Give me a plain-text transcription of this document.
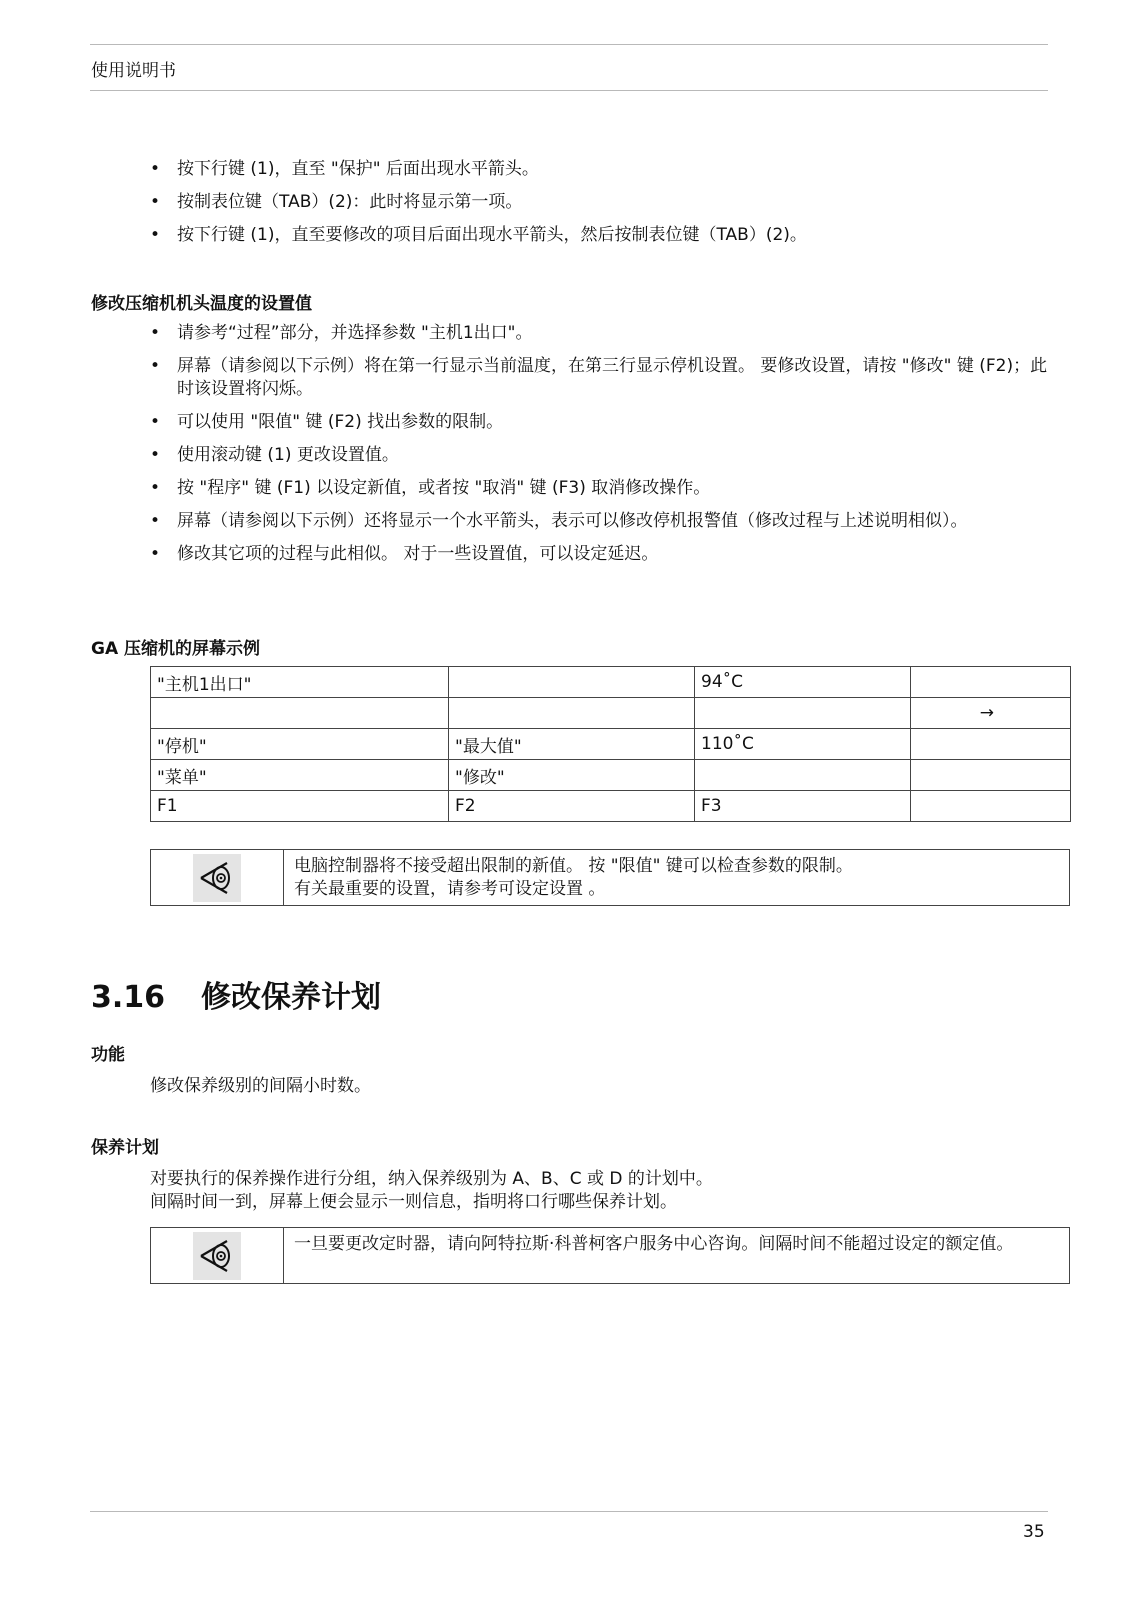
使用说明书
• 按下行键 (1)，直至 "保护" 后面出现水平箭头。
• 按制表位键（TAB）(2)：此时将显示第一项。
• 按下行键 (1)，直至要修改的项目后面出现水平箭头，然后按制表位键（TAB）(2)。
修改压缩机机头温度的设置值
• 请参考“过程”部分，并选择参数 "主机1出口"。
• 屏幕（请参阅以下示例）将在第一行显示当前温度，在第三行显示停机设置。 要修改设置，请按 "修改" 键 (F2)；此时该设置将闪烁。
• 可以使用 "限值" 键 (F2) 找出参数的限制。
• 使用滚动键 (1) 更改设置值。
• 按 "程序" 键 (F1) 以设定新值，或者按 "取消" 键 (F3) 取消修改操作。
• 屏幕（请参阅以下示例）还将显示一个水平箭头，表示可以修改停机报警值（修改过程与上述说明相似）。
• 修改其它项的过程与此相似。 对于一些设置值，可以设定延迟。
GA 压缩机的屏幕示例
"主机1出口"		94˚C	
			→
"停机"	"最大值"	110˚C	
"菜单"	"修改"		
F1	F2	F3	
电脑控制器将不接受超出限制的新值。 按 "限值" 键可以检查参数的限制。
有关最重要的设置，请参考可设定设置 。
3.16 修改保养计划
功能
修改保养级别的间隔小时数。
保养计划
对要执行的保养操作进行分组，纳入保养级别为 A、B、C 或 D 的计划中。
间隔时间一到，屏幕上便会显示一则信息，指明将口行哪些保养计划。
一旦要更改定时器，请向阿特拉斯·科普柯客户服务中心咨询。间隔时间不能超过设定的额定值。
35
